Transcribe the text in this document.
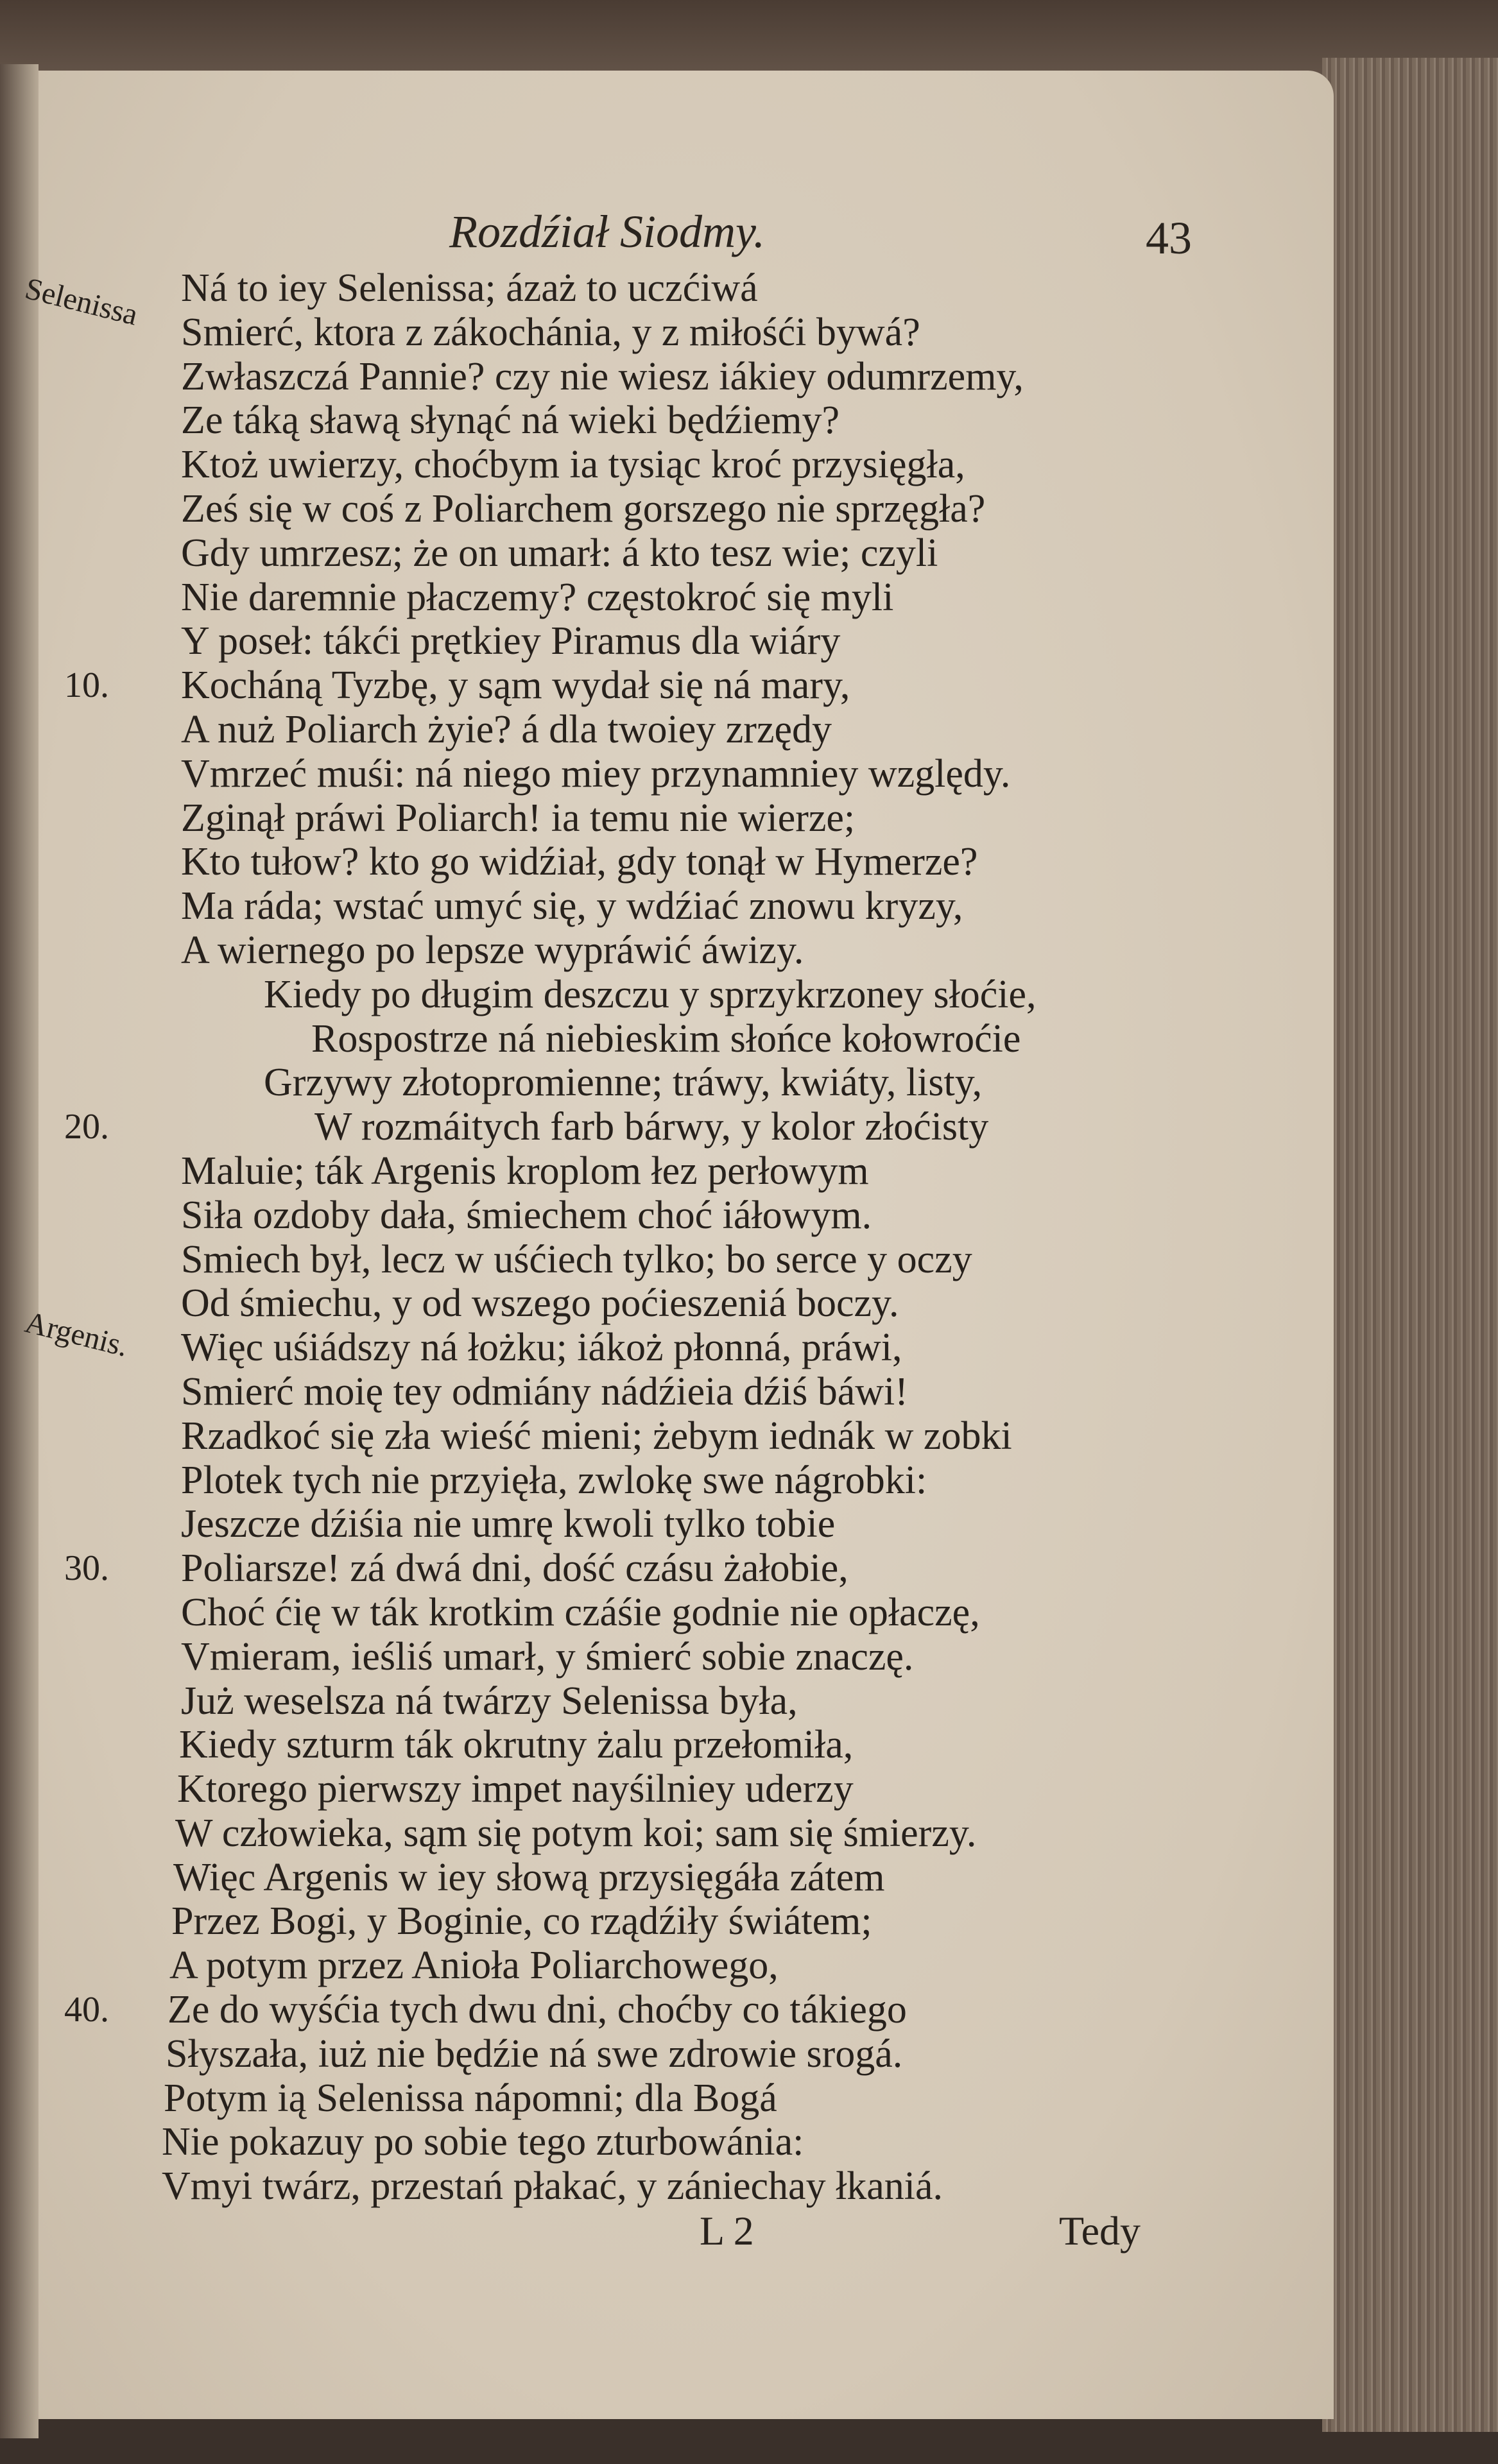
Rozdźiał Siodmy.	43
Selenissa Ná to iey Selenissa; ázaż to uczćiwá
Smierć, ktora z zákochánia, y z miłośći bywá?
Zwłaszczá Pannie? czy nie wiesz iákiey odumrzemy,
Ze táką sławą słynąć ná wieki będźiemy?
Ktoż uwierzy, choćbym ia tysiąc kroć przysięgła,
Ześ się w coś z Poliarchem gorszego nie sprzęgła?
Gdy umrzesz; że on umarł: á kto tesz wie; czyli
Nie daremnie płaczemy? częstokroć się myli
Y poseł: tákći prętkiey Piramus dla wiáry
10. Kocháną Tyzbę, y sąm wydał się ná mary,
A nuż Poliarch żyie? á dla twoiey zrzędy
Vmrzeć muśi: ná niego miey przynamniey względy.
Zginął práwi Poliarch! ia temu nie wierze;
Kto tułow? kto go widźiał, gdy tonął w Hymerze?
Ma ráda; wstać umyć się, y wdźiać znowu kryzy,
A wiernego po lepsze wypráwić áwizy.
Kiedy po długim deszczu y sprzykrzoney słoćie,
Rospostrze ná niebieskim słońce kołowroćie
Grzywy złotopromienne; tráwy, kwiáty, listy,
20.	W rozmáitych farb bárwy, y kolor złoćisty
Maluie; ták Argenis kroplom łez perłowym
Siła ozdoby dała, śmiechem choć iáłowym.
Smiech był, lecz w uśćiech tylko; bo serce y oczy
Od śmiechu, y od wszego poćieszeniá boczy.
Argenis. Więc uśiádszy ná łożku; iákoż płonná, práwi,
Smierć moię tey odmiány nádźieia dźiś báwi!
Rzadkoć się zła wieść mieni; żebym iednák w zobki
Plotek tych nie przyięła, zwlokę swe nágrobki:
Jeszcze dźiśia nie umrę kwoli tylko tobie
30. Poliarsze! zá dwá dni, dość czásu żałobie,
Choć ćię w ták krotkim czáśie godnie nie opłaczę,
Vmieram, ieśliś umarł, y śmierć sobie znaczę.
Już weselsza ná twárzy Selenissa była,
Kiedy szturm ták okrutny żalu przełomiła,
Ktorego pierwszy impet nayśilniey uderzy
W człowieka, sąm się potym koi; sam się śmierzy.
Więc Argenis w iey słową przysięgáła zátem
Przez Bogi, y Boginie, co rządźiły świátem;
A potym przez Anioła Poliarchowego,
40. Ze do wyśćia tych dwu dni, choćby co tákiego
Słyszała, iuż nie będźie ná swe zdrowie srogá.
Potym ią Selenissa nápomni; dla Bogá
Nie pokazuy po sobie tego zturbowánia:
Vmyi twárz, przestań płakać, y zániechay łkaniá.
L 2	Tedy
